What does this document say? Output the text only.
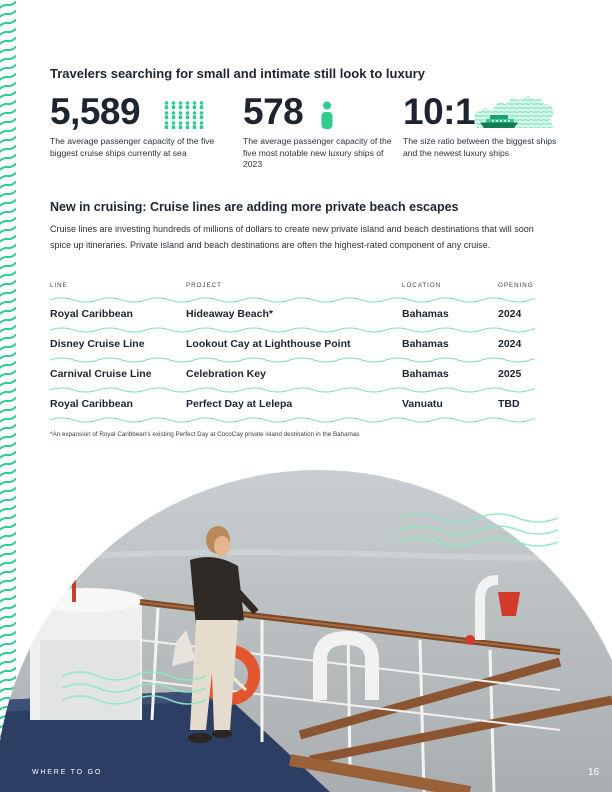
Travelers searching for small and intimate still look to luxury
5,589
The average passenger capacity of the five biggest cruise ships currently at sea
578
The average passenger capacity of the five most notable new luxury ships of 2023
10:1
The size ratio between the biggest ships and the newest luxury ships
New in cruising: Cruise lines are adding more private beach escapes

Cruise lines are investing hundreds of millions of dollars to create new private island and beach destinations that will soon spice up itineraries. Private island and beach destinations are often the highest-rated component of any cruise.

LINE	PROJECT	LOCATION	OPENING
Royal Caribbean	Hideaway Beach*	Bahamas	2024
Disney Cruise Line	Lookout Cay at Lighthouse Point	Bahamas	2024
Carnival Cruise Line	Celebration Key	Bahamas	2025
Royal Caribbean	Perfect Day at Lelepa	Vanuatu	TBD

*An expansion of Royal Caribbean's existing Perfect Day at CocoCay private island destination in the Bahamas

WHERE TO GO	16
